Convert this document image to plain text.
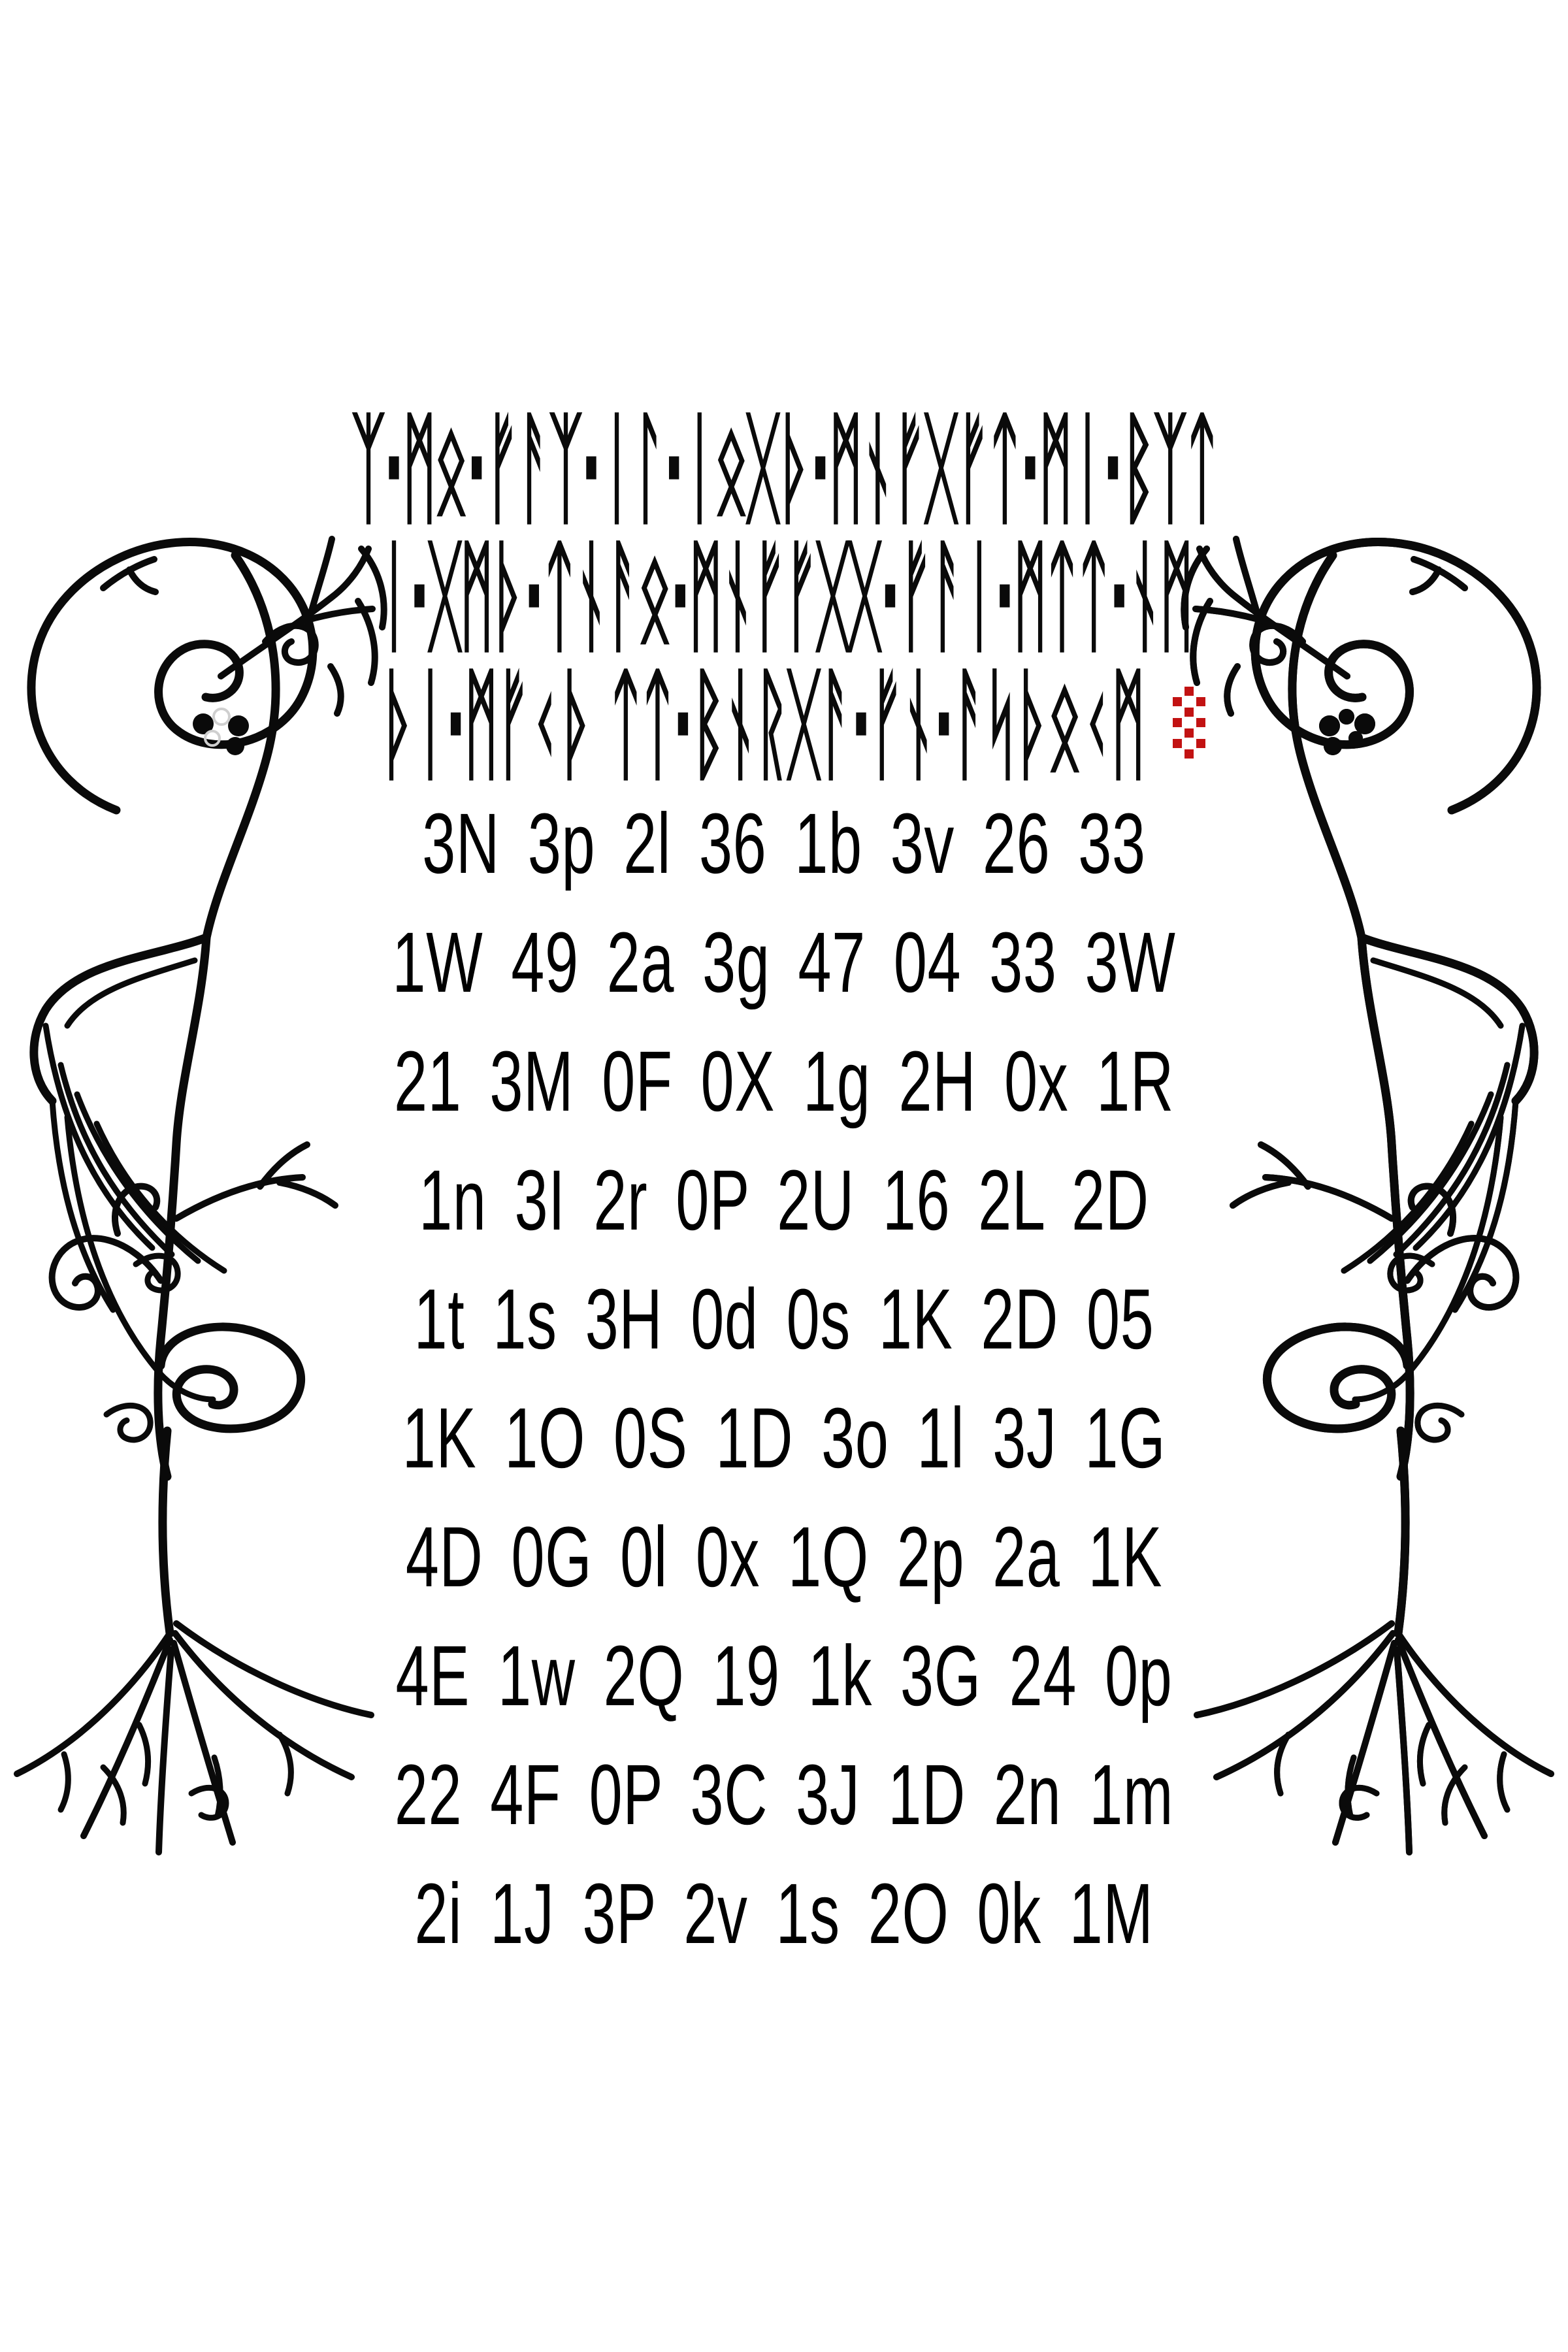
ᛉ·ᛗᛟ·ᚠᚨᛉ·ᛁᛚ·ᛁᛟᚷᚦ·ᛗᚾᚠᚷᚠᛏ·ᛗᛁ·ᛒᛉᛏ
ᛁ·ᚷᛗᚦ·ᛏᚾᚨᛟ·ᛗᚾᚠᚠᚷᚷ·ᚠᚨᛁ·ᛗᛏᛏ·ᚾᛗ
ᚦᛁ·ᛗᚠᚲᚦ ᛏᛏ·ᛒᚾᚱᚷᚨ·ᚠᚾ·ᚨᛋᚦᛟᚲᛗ
3N 3p 2l 36 1b 3v 26 33
1W 49 2a 3g 47 04 33 3W
21 3M 0F 0X 1g 2H 0x 1R
1n 3I 2r 0P 2U 16 2L 2D
1t 1s 3H 0d 0s 1K 2D 05
1K 1O 0S 1D 3o 1l 3J 1G
4D 0G 0l 0x 1Q 2p 2a 1K
4E 1w 2Q 19 1k 3G 24 0p
22 4F 0P 3C 3J 1D 2n 1m
2i 1J 3P 2v 1s 2O 0k 1M
